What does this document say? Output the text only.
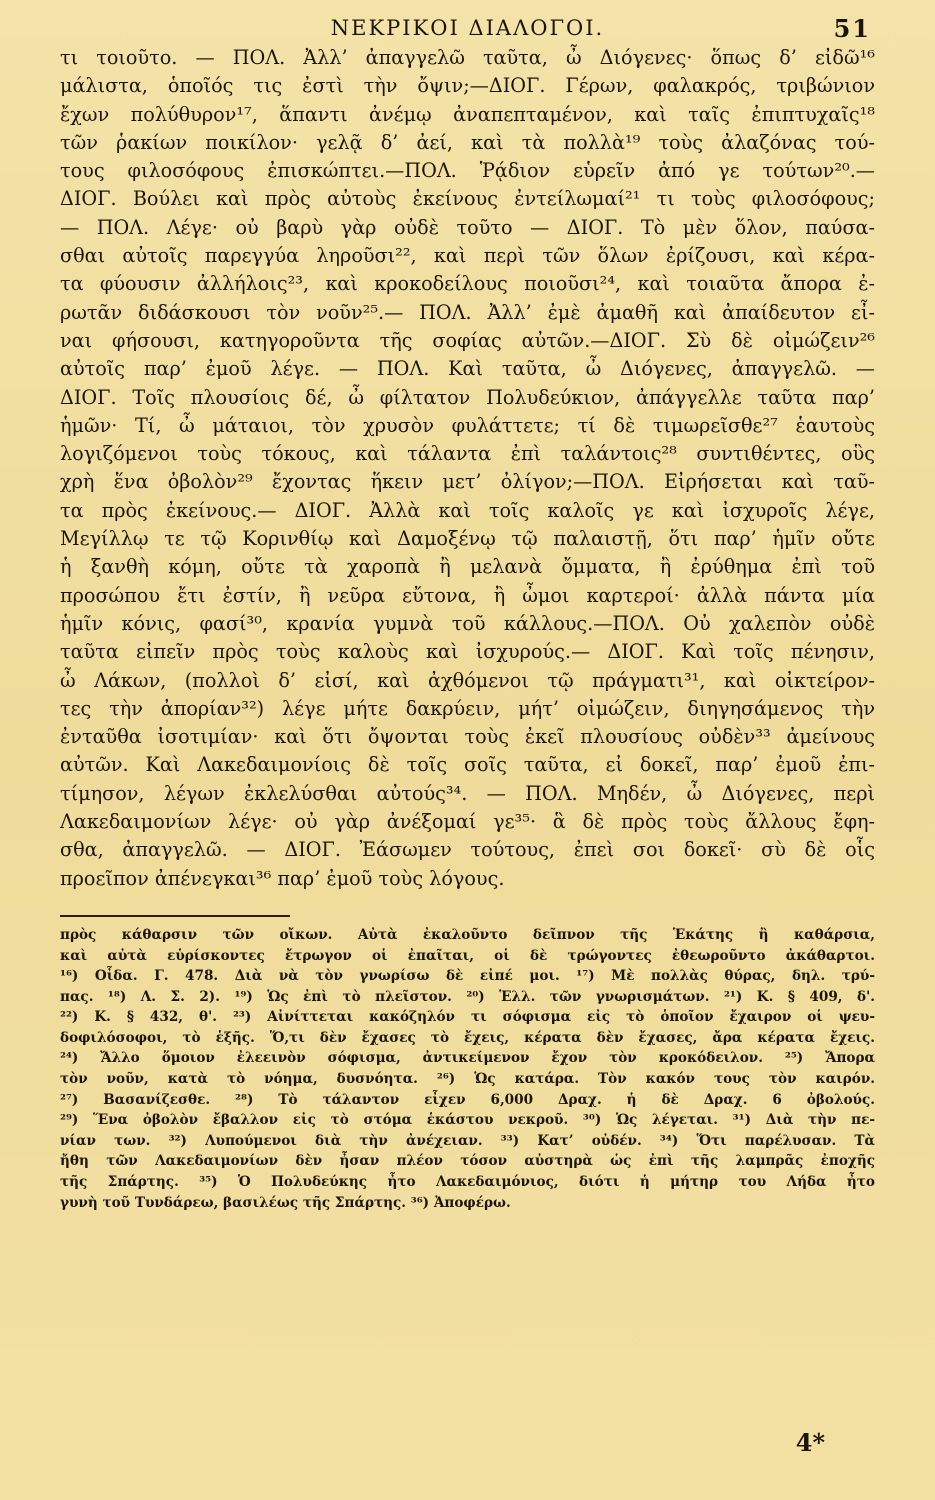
ΝΕΚΡΙΚΟΙ ΔΙΑΛΟΓΟΙ.	51
τι τοιοῦτο. — ΠΟΛ. Ἀλλ’ ἀπαγγελῶ ταῦτα, ὦ Διόγενες· ὅπως δ’ εἰδῶ¹⁶
μάλιστα, ὁποῖός τις ἐστὶ τὴν ὄψιν;—ΔΙΟΓ. Γέρων, φαλακρός, τριβώνιον
ἔχων πολύθυρον¹⁷, ἅπαντι ἀνέμῳ ἀναπεπταμένον, καὶ ταῖς ἐπιπτυχαῖς¹⁸
τῶν ῥακίων ποικίλον· γελᾷ δ’ ἀεί, καὶ τὰ πολλὰ¹⁹ τοὺς ἀλαζόνας τού-
τους φιλοσόφους ἐπισκώπτει.—ΠΟΛ. Ῥᾴδιον εὑρεῖν ἀπό γε τούτων²⁰.—
ΔΙΟΓ. Βούλει καὶ πρὸς αὐτοὺς ἐκείνους ἐντείλωμαί²¹ τι τοὺς φιλοσόφους;
— ΠΟΛ. Λέγε· οὐ βαρὺ γὰρ οὐδὲ τοῦτο — ΔΙΟΓ. Τὸ μὲν ὅλον, παύσα-
σθαι αὐτοῖς παρεγγύα ληροῦσι²², καὶ περὶ τῶν ὅλων ἐρίζουσι, καὶ κέρα-
τα φύουσιν ἀλλήλοις²³, καὶ κροκοδείλους ποιοῦσι²⁴, καὶ τοιαῦτα ἄπορα ἐ-
ρωτᾶν διδάσκουσι τὸν νοῦν²⁵.— ΠΟΛ. Ἀλλ’ ἐμὲ ἀμαθῆ καὶ ἀπαίδευτον εἶ-
ναι φήσουσι, κατηγοροῦντα τῆς σοφίας αὐτῶν.—ΔΙΟΓ. Σὺ δὲ οἰμώζειν²⁶
αὐτοῖς παρ’ ἐμοῦ λέγε. — ΠΟΛ. Καὶ ταῦτα, ὦ Διόγενες, ἀπαγγελῶ. —
ΔΙΟΓ. Τοῖς πλουσίοις δέ, ὦ φίλτατον Πολυδεύκιον, ἀπάγγελλε ταῦτα παρ’
ἡμῶν· Τί, ὦ μάταιοι, τὸν χρυσὸν φυλάττετε; τί δὲ τιμωρεῖσθε²⁷ ἑαυτοὺς
λογιζόμενοι τοὺς τόκους, καὶ τάλαντα ἐπὶ ταλάντοις²⁸ συντιθέντες, οὓς
χρὴ ἕνα ὀβολὸν²⁹ ἔχοντας ἥκειν μετ’ ὀλίγον;—ΠΟΛ. Εἰρήσεται καὶ ταῦ-
τα πρὸς ἐκείνους.— ΔΙΟΓ. Ἀλλὰ καὶ τοῖς καλοῖς γε καὶ ἰσχυροῖς λέγε,
Μεγίλλῳ τε τῷ Κορινθίῳ καὶ Δαμοξένῳ τῷ παλαιστῇ, ὅτι παρ’ ἡμῖν οὔτε
ἡ ξανθὴ κόμη, οὔτε τὰ χαροπὰ ἢ μελανὰ ὄμματα, ἢ ἐρύθημα ἐπὶ τοῦ
προσώπου ἔτι ἐστίν, ἢ νεῦρα εὔτονα, ἢ ὦμοι καρτεροί· ἀλλὰ πάντα μία
ἡμῖν κόνις, φασί³⁰, κρανία γυμνὰ τοῦ κάλλους.—ΠΟΛ. Οὐ χαλεπὸν οὐδὲ
ταῦτα εἰπεῖν πρὸς τοὺς καλοὺς καὶ ἰσχυρούς.— ΔΙΟΓ. Καὶ τοῖς πένησιν,
ὦ Λάκων, (πολλοὶ δ’ εἰσί, καὶ ἀχθόμενοι τῷ πράγματι³¹, καὶ οἰκτείρον-
τες τὴν ἀπορίαν³²) λέγε μήτε δακρύειν, μήτ’ οἰμώζειν, διηγησάμενος τὴν
ἐνταῦθα ἰσοτιμίαν· καὶ ὅτι ὄψονται τοὺς ἐκεῖ πλουσίους οὐδὲν³³ ἀμείνους
αὐτῶν. Καὶ Λακεδαιμονίοις δὲ τοῖς σοῖς ταῦτα, εἰ δοκεῖ, παρ’ ἐμοῦ ἐπι-
τίμησον, λέγων ἐκλελύσθαι αὐτούς³⁴. — ΠΟΛ. Μηδέν, ὦ Διόγενες, περὶ
Λακεδαιμονίων λέγε· οὐ γὰρ ἀνέξομαί γε³⁵· ἃ δὲ πρὸς τοὺς ἄλλους ἔφη-
σθα, ἀπαγγελῶ. — ΔΙΟΓ. Ἐάσωμεν τούτους, ἐπεὶ σοι δοκεῖ· σὺ δὲ οἷς
προεῖπον ἀπένεγκαι³⁶ παρ’ ἐμοῦ τοὺς λόγους.
πρὸς κάθαρσιν τῶν οἴκων. Αὐτὰ ἐκαλοῦντο δεῖπνον τῆς Ἑκάτης ἢ καθάρσια,
καὶ αὐτὰ εὑρίσκοντες ἔτρωγον οἱ ἐπαῖται, οἱ δὲ τρώγοντες ἐθεωροῦντο ἀκάθαρτοι.
¹⁶) Οἶδα. Γ. 478. Διὰ νὰ τὸν γνωρίσω δὲ εἰπέ μοι. ¹⁷) Μὲ πολλὰς θύρας, δηλ. τρύ-
πας. ¹⁸) Λ. Σ. 2). ¹⁹) Ὡς ἐπὶ τὸ πλεῖστον. ²⁰) Ἑλλ. τῶν γνωρισμάτων. ²¹) Κ. § 409, δ'.
²²) Κ. § 432, θ'. ²³) Αἰνίττεται κακόζηλόν τι σόφισμα εἰς τὸ ὁποῖον ἔχαιρον οἱ ψευ-
δοφιλόσοφοι, τὸ ἑξῆς. Ὅ,τι δὲν ἔχασες τὸ ἔχεις, κέρατα δὲν ἔχασες, ἄρα κέρατα ἔχεις.
²⁴) Ἄλλο ὅμοιον ἐλεεινὸν σόφισμα, ἀντικείμενον ἔχον τὸν κροκόδειλον. ²⁵) Ἄπορα
τὸν νοῦν, κατὰ τὸ νόημα, δυσνόητα. ²⁶) Ὡς κατάρα. Τὸν κακόν τους τὸν καιρόν.
²⁷) Βασανίζεσθε. ²⁸) Τὸ τάλαντον εἶχεν 6,000 Δραχ. ἡ δὲ Δραχ. 6 ὀβολούς.
²⁹) Ἕνα ὀβολὸν ἔβαλλον εἰς τὸ στόμα ἑκάστου νεκροῦ. ³⁰) Ὡς λέγεται. ³¹) Διὰ τὴν πε-
νίαν των. ³²) Λυπούμενοι διὰ τὴν ἀνέχειαν. ³³) Κατ’ οὐδέν. ³⁴) Ὅτι παρέλυσαν. Τὰ
ἤθη τῶν Λακεδαιμονίων δὲν ἦσαν πλέον τόσον αὐστηρὰ ὡς ἐπὶ τῆς λαμπρᾶς ἐποχῆς
τῆς Σπάρτης. ³⁵) Ὁ Πολυδεύκης ἦτο Λακεδαιμόνιος, διότι ἡ μήτηρ του Λήδα ἦτο
γυνὴ τοῦ Τυνδάρεω, βασιλέως τῆς Σπάρτης. ³⁶) Ἀποφέρω.
4*
